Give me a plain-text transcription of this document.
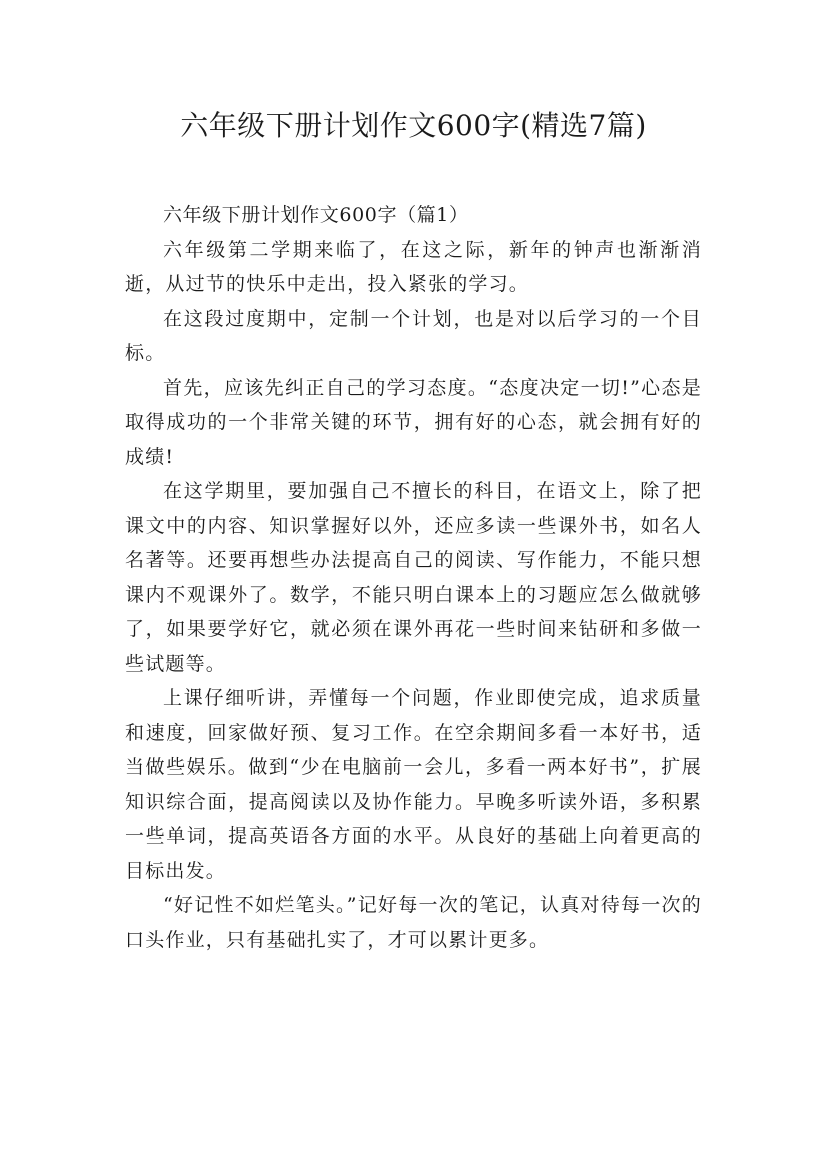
六年级下册计划作文600字(精选7篇)

六年级下册计划作文600字（篇1）

六年级第二学期来临了，在这之际，新年的钟声也渐渐消逝，从过节的快乐中走出，投入紧张的学习。

在这段过度期中，定制一个计划，也是对以后学习的一个目标。

首先，应该先纠正自己的学习态度。“态度决定一切!”心态是取得成功的一个非常关键的环节，拥有好的心态，就会拥有好的成绩!

在这学期里，要加强自己不擅长的科目，在语文上，除了把课文中的内容、知识掌握好以外，还应多读一些课外书，如名人名著等。还要再想些办法提高自己的阅读、写作能力，不能只想课内不观课外了。数学，不能只明白课本上的习题应怎么做就够了，如果要学好它，就必须在课外再花一些时间来钻研和多做一些试题等。

上课仔细听讲，弄懂每一个问题，作业即使完成，追求质量和速度，回家做好预、复习工作。在空余期间多看一本好书，适当做些娱乐。做到“少在电脑前一会儿，多看一两本好书”，扩展知识综合面，提高阅读以及协作能力。早晚多听读外语，多积累一些单词，提高英语各方面的水平。从良好的基础上向着更高的目标出发。

“好记性不如烂笔头。”记好每一次的笔记，认真对待每一次的口头作业，只有基础扎实了，才可以累计更多。
